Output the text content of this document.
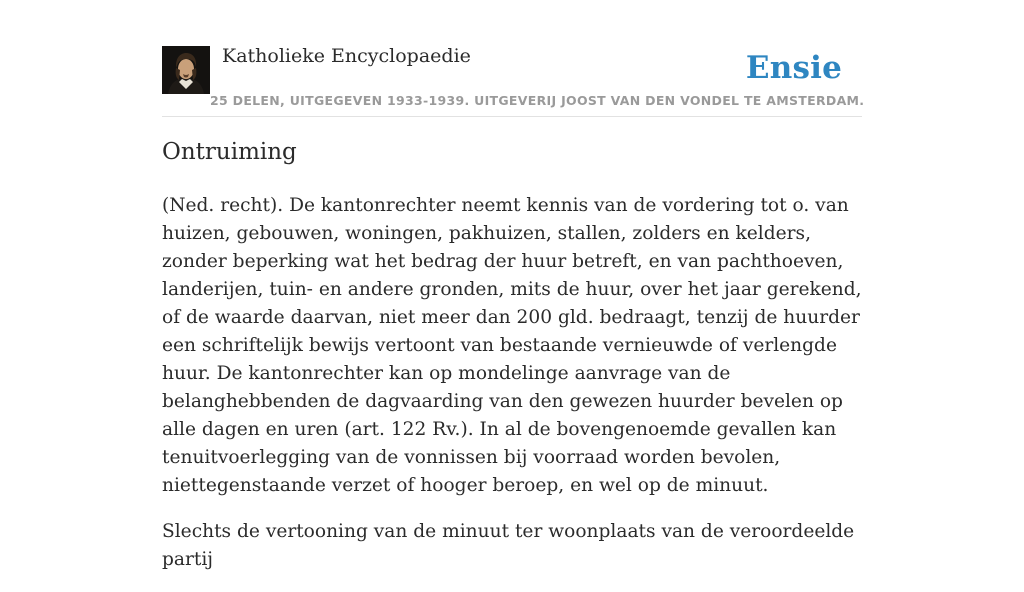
Katholieke Encyclopaedie	Ensie
25 DELEN, UITGEGEVEN 1933-1939. UITGEVERIJ JOOST VAN DEN VONDEL TE AMSTERDAM.
Ontruiming

(Ned. recht). De kantonrechter neemt kennis van de vordering tot o. van huizen, gebouwen, woningen, pakhuizen, stallen, zolders en kelders, zonder beperking wat het bedrag der huur betreft, en van pachthoeven, landerijen, tuin- en andere gronden, mits de huur, over het jaar gerekend, of de waarde daarvan, niet meer dan 200 gld. bedraagt, tenzij de huurder een schriftelijk bewijs vertoont van bestaande vernieuwde of verlengde huur. De kantonrechter kan op mondelinge aanvrage van de belanghebbenden de dagvaarding van den gewezen huurder bevelen op alle dagen en uren (art. 122 Rv.). In al de bovengenoemde gevallen kan tenuitvoerlegging van de vonnissen bij voorraad worden bevolen, niettegenstaande verzet of hooger beroep, en wel op de minuut.

Slechts de vertooning van de minuut ter woonplaats van de veroordeelde partij
